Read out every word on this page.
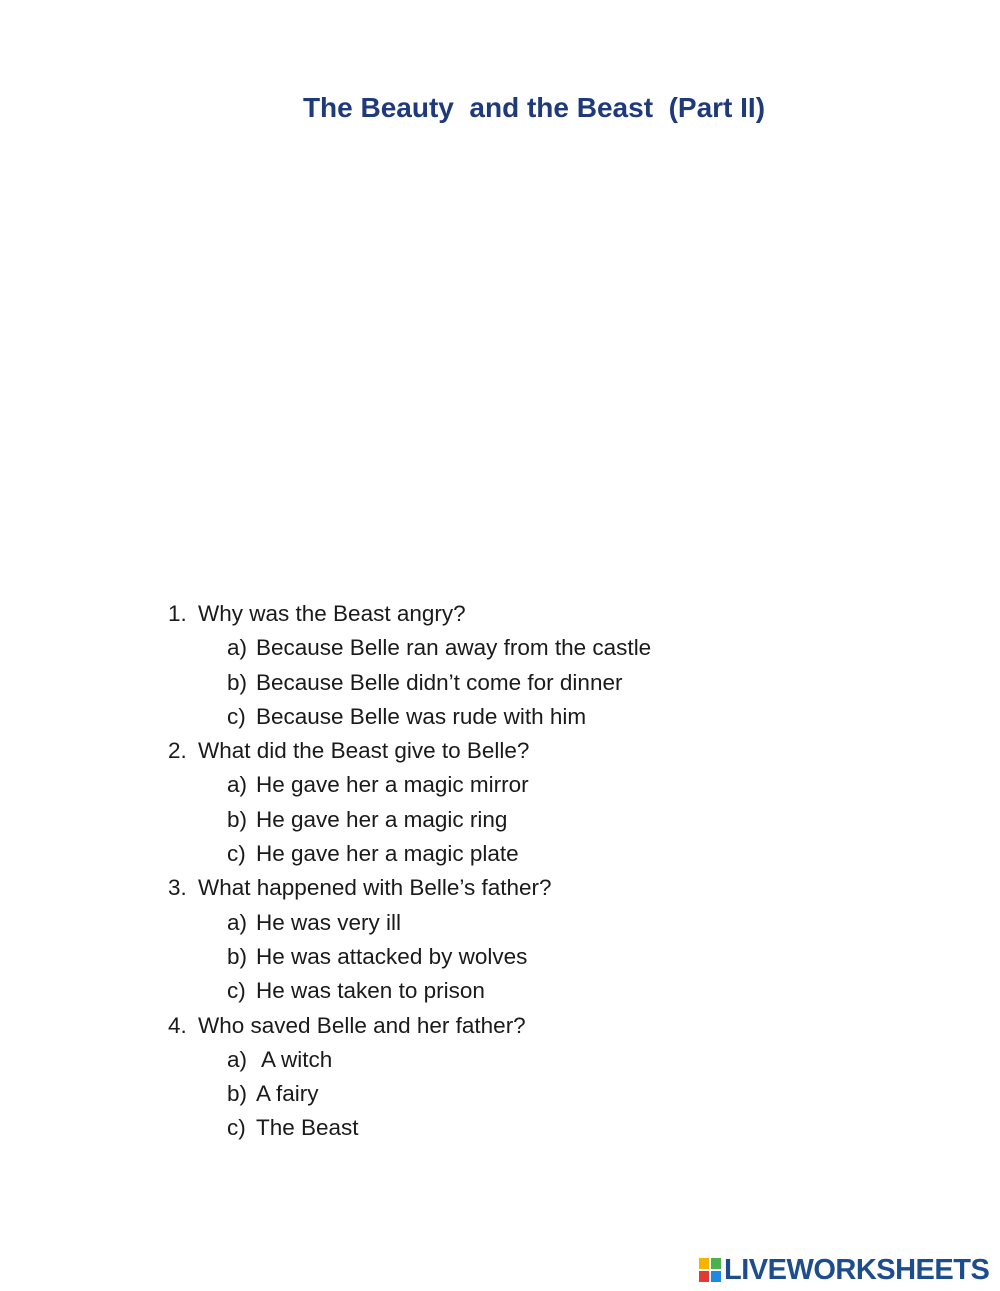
The Beauty  and the Beast  (Part II)
1. Why was the Beast angry?
a) Because Belle ran away from the castle
b) Because Belle didn’t come for dinner
c) Because Belle was rude with him
2. What did the Beast give to Belle?
a) He gave her a magic mirror
b) He gave her a magic ring
c) He gave her a magic plate
3. What happened with Belle’s father?
a) He was very ill
b) He was attacked by wolves
c) He was taken to prison
4. Who saved Belle and her father?
a) A witch
b) A fairy
c) The Beast
LIVEWORKSHEETS
